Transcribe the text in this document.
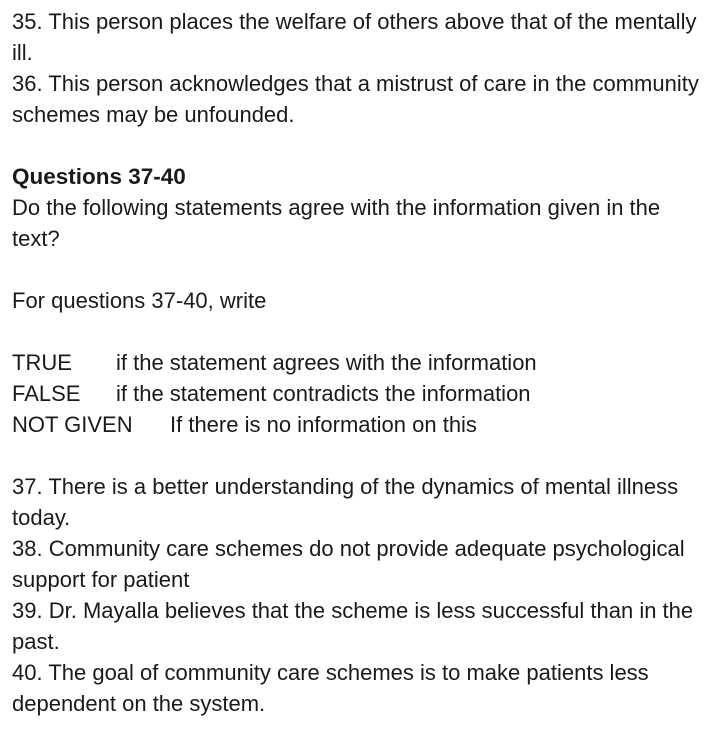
35. This person places the welfare of others above that of the mentally ill.

36. This person acknowledges that a mistrust of care in the community schemes may be unfounded.

Questions 37-40

Do the following statements agree with the information given in the text?

For questions 37-40, write

TRUE if the statement agrees with the information
FALSE if the statement contradicts the information
NOT GIVEN If there is no information on this

37. There is a better understanding of the dynamics of mental illness today.

38. Community care schemes do not provide adequate psychological support for patient

39. Dr. Mayalla believes that the scheme is less successful than in the past.

40. The goal of community care schemes is to make patients less dependent on the system.
